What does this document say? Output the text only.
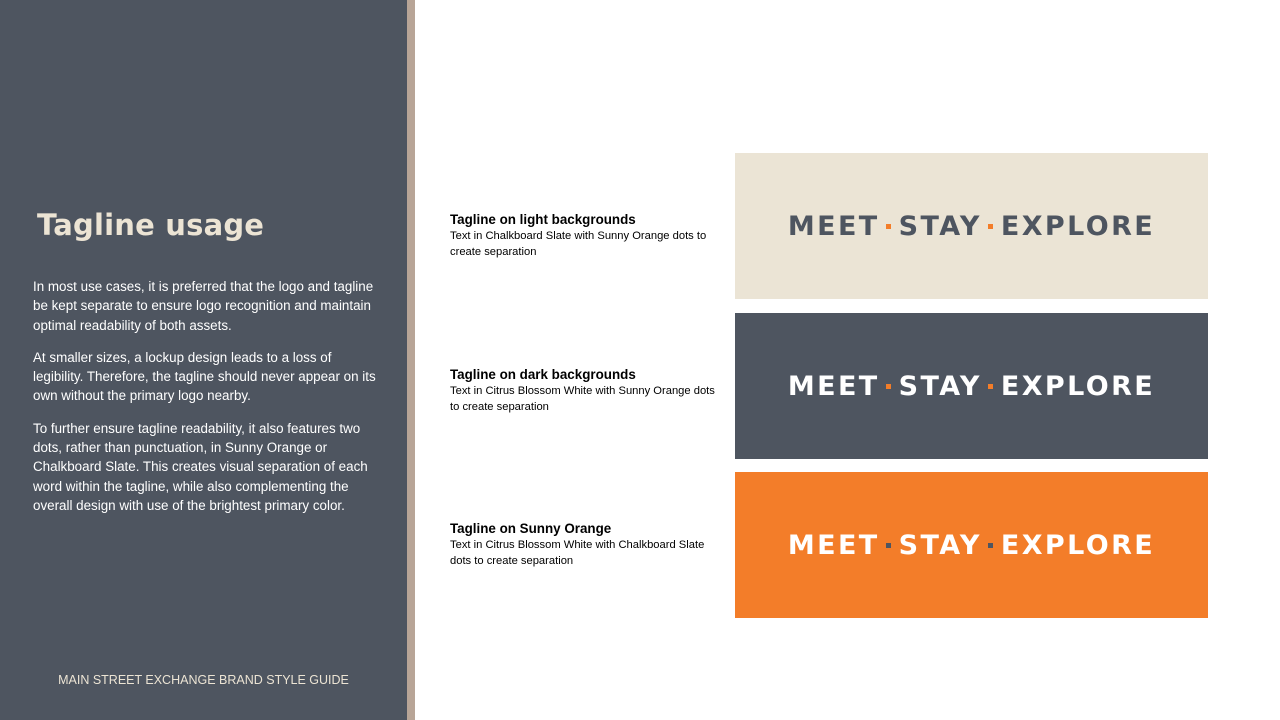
Tagline usage

In most use cases, it is preferred that the logo and tagline be kept separate to ensure logo recognition and maintain optimal readability of both assets.

At smaller sizes, a lockup design leads to a loss of legibility. Therefore, the tagline should never appear on its own without the primary logo nearby.

To further ensure tagline readability, it also features two dots, rather than punctuation, in Sunny Orange or Chalkboard Slate. This creates visual separation of each word within the tagline, while also complementing the overall design with use of the brightest primary color.

MAIN STREET EXCHANGE BRAND STYLE GUIDE
Tagline on light backgrounds
Text in Chalkboard Slate with Sunny Orange dots to create separation
MEET STAY EXPLORE
Tagline on dark backgrounds
Text in Citrus Blossom White with Sunny Orange dots to create separation
MEET STAY EXPLORE
Tagline on Sunny Orange
Text in Citrus Blossom White with Chalkboard Slate dots to create separation
MEET STAY EXPLORE
